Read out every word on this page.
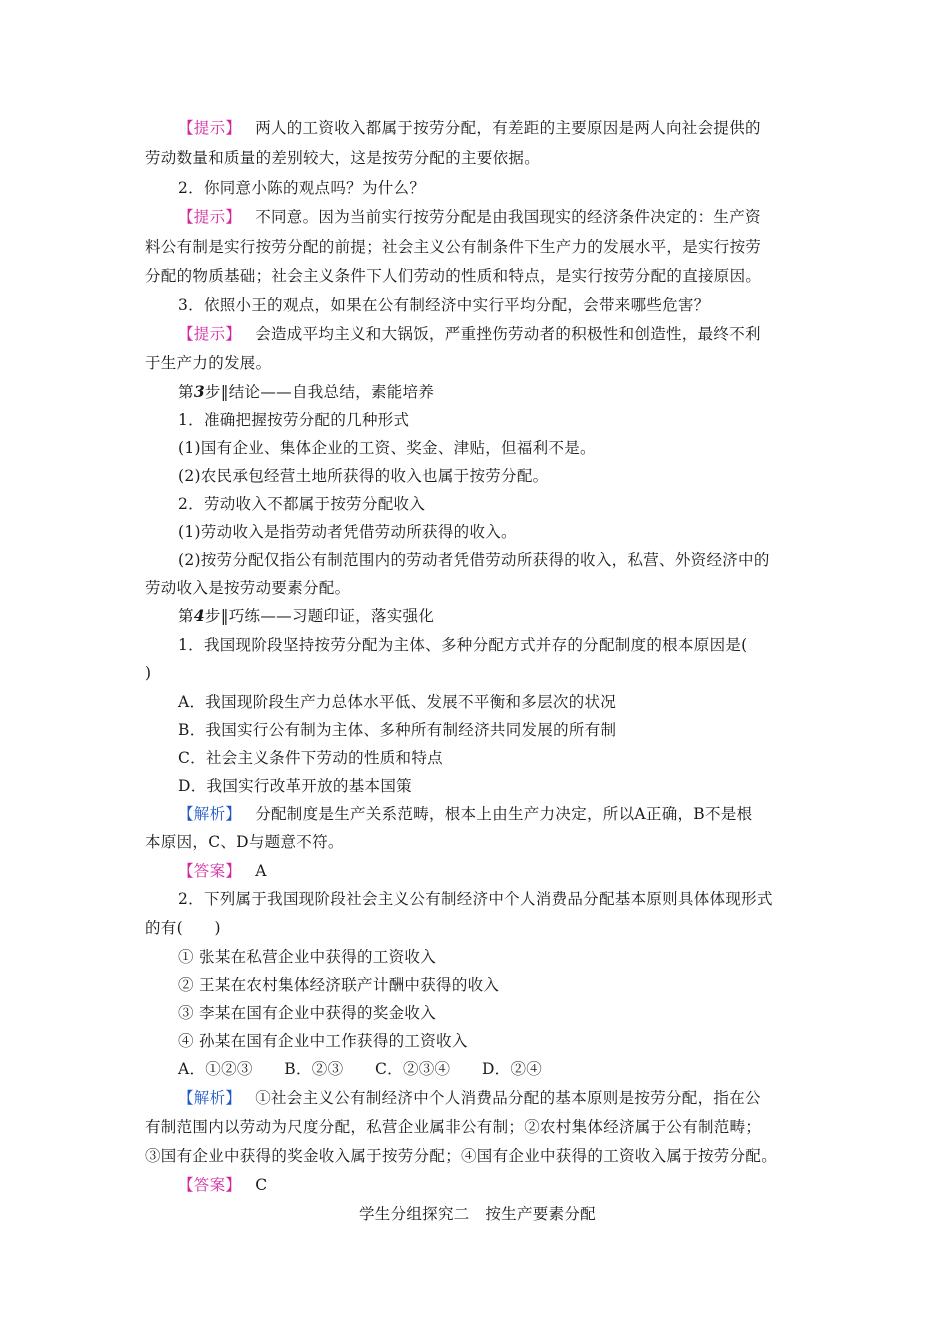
【提示】 两人的工资收入都属于按劳分配，有差距的主要原因是两人向社会提供的
劳动数量和质量的差别较大，这是按劳分配的主要依据。
2．你同意小陈的观点吗？为什么？
【提示】 不同意。因为当前实行按劳分配是由我国现实的经济条件决定的：生产资
料公有制是实行按劳分配的前提；社会主义公有制条件下生产力的发展水平，是实行按劳
分配的物质基础；社会主义条件下人们劳动的性质和特点，是实行按劳分配的直接原因。
3．依照小王的观点，如果在公有制经济中实行平均分配，会带来哪些危害？
【提示】 会造成平均主义和大锅饭，严重挫伤劳动者的积极性和创造性，最终不利
于生产力的发展。
第3步‖结论——自我总结，素能培养
1．准确把握按劳分配的几种形式
(1)国有企业、集体企业的工资、奖金、津贴，但福利不是。
(2)农民承包经营土地所获得的收入也属于按劳分配。
2．劳动收入不都属于按劳分配收入
(1)劳动收入是指劳动者凭借劳动所获得的收入。
(2)按劳分配仅指公有制范围内的劳动者凭借劳动所获得的收入，私营、外资经济中的
劳动收入是按劳动要素分配。
第4步‖巧练——习题印证，落实强化
1．我国现阶段坚持按劳分配为主体、多种分配方式并存的分配制度的根本原因是(
)
A．我国现阶段生产力总体水平低、发展不平衡和多层次的状况
B．我国实行公有制为主体、多种所有制经济共同发展的所有制
C．社会主义条件下劳动的性质和特点
D．我国实行改革开放的基本国策
【解析】 分配制度是生产关系范畴，根本上由生产力决定，所以A正确，B不是根
本原因，C、D与题意不符。
【答案】 A
2．下列属于我国现阶段社会主义公有制经济中个人消费品分配基本原则具体体现形式
的有(　　)
① 张某在私营企业中获得的工资收入
② 王某在农村集体经济联产计酬中获得的收入
③ 李某在国有企业中获得的奖金收入
④ 孙某在国有企业中工作获得的工资收入
A．①②③　　B．②③　　C．②③④　　D．②④
【解析】 ①社会主义公有制经济中个人消费品分配的基本原则是按劳分配，指在公
有制范围内以劳动为尺度分配，私营企业属非公有制；②农村集体经济属于公有制范畴；
③国有企业中获得的奖金收入属于按劳分配；④国有企业中获得的工资收入属于按劳分配。
【答案】 C
学生分组探究二　按生产要素分配
